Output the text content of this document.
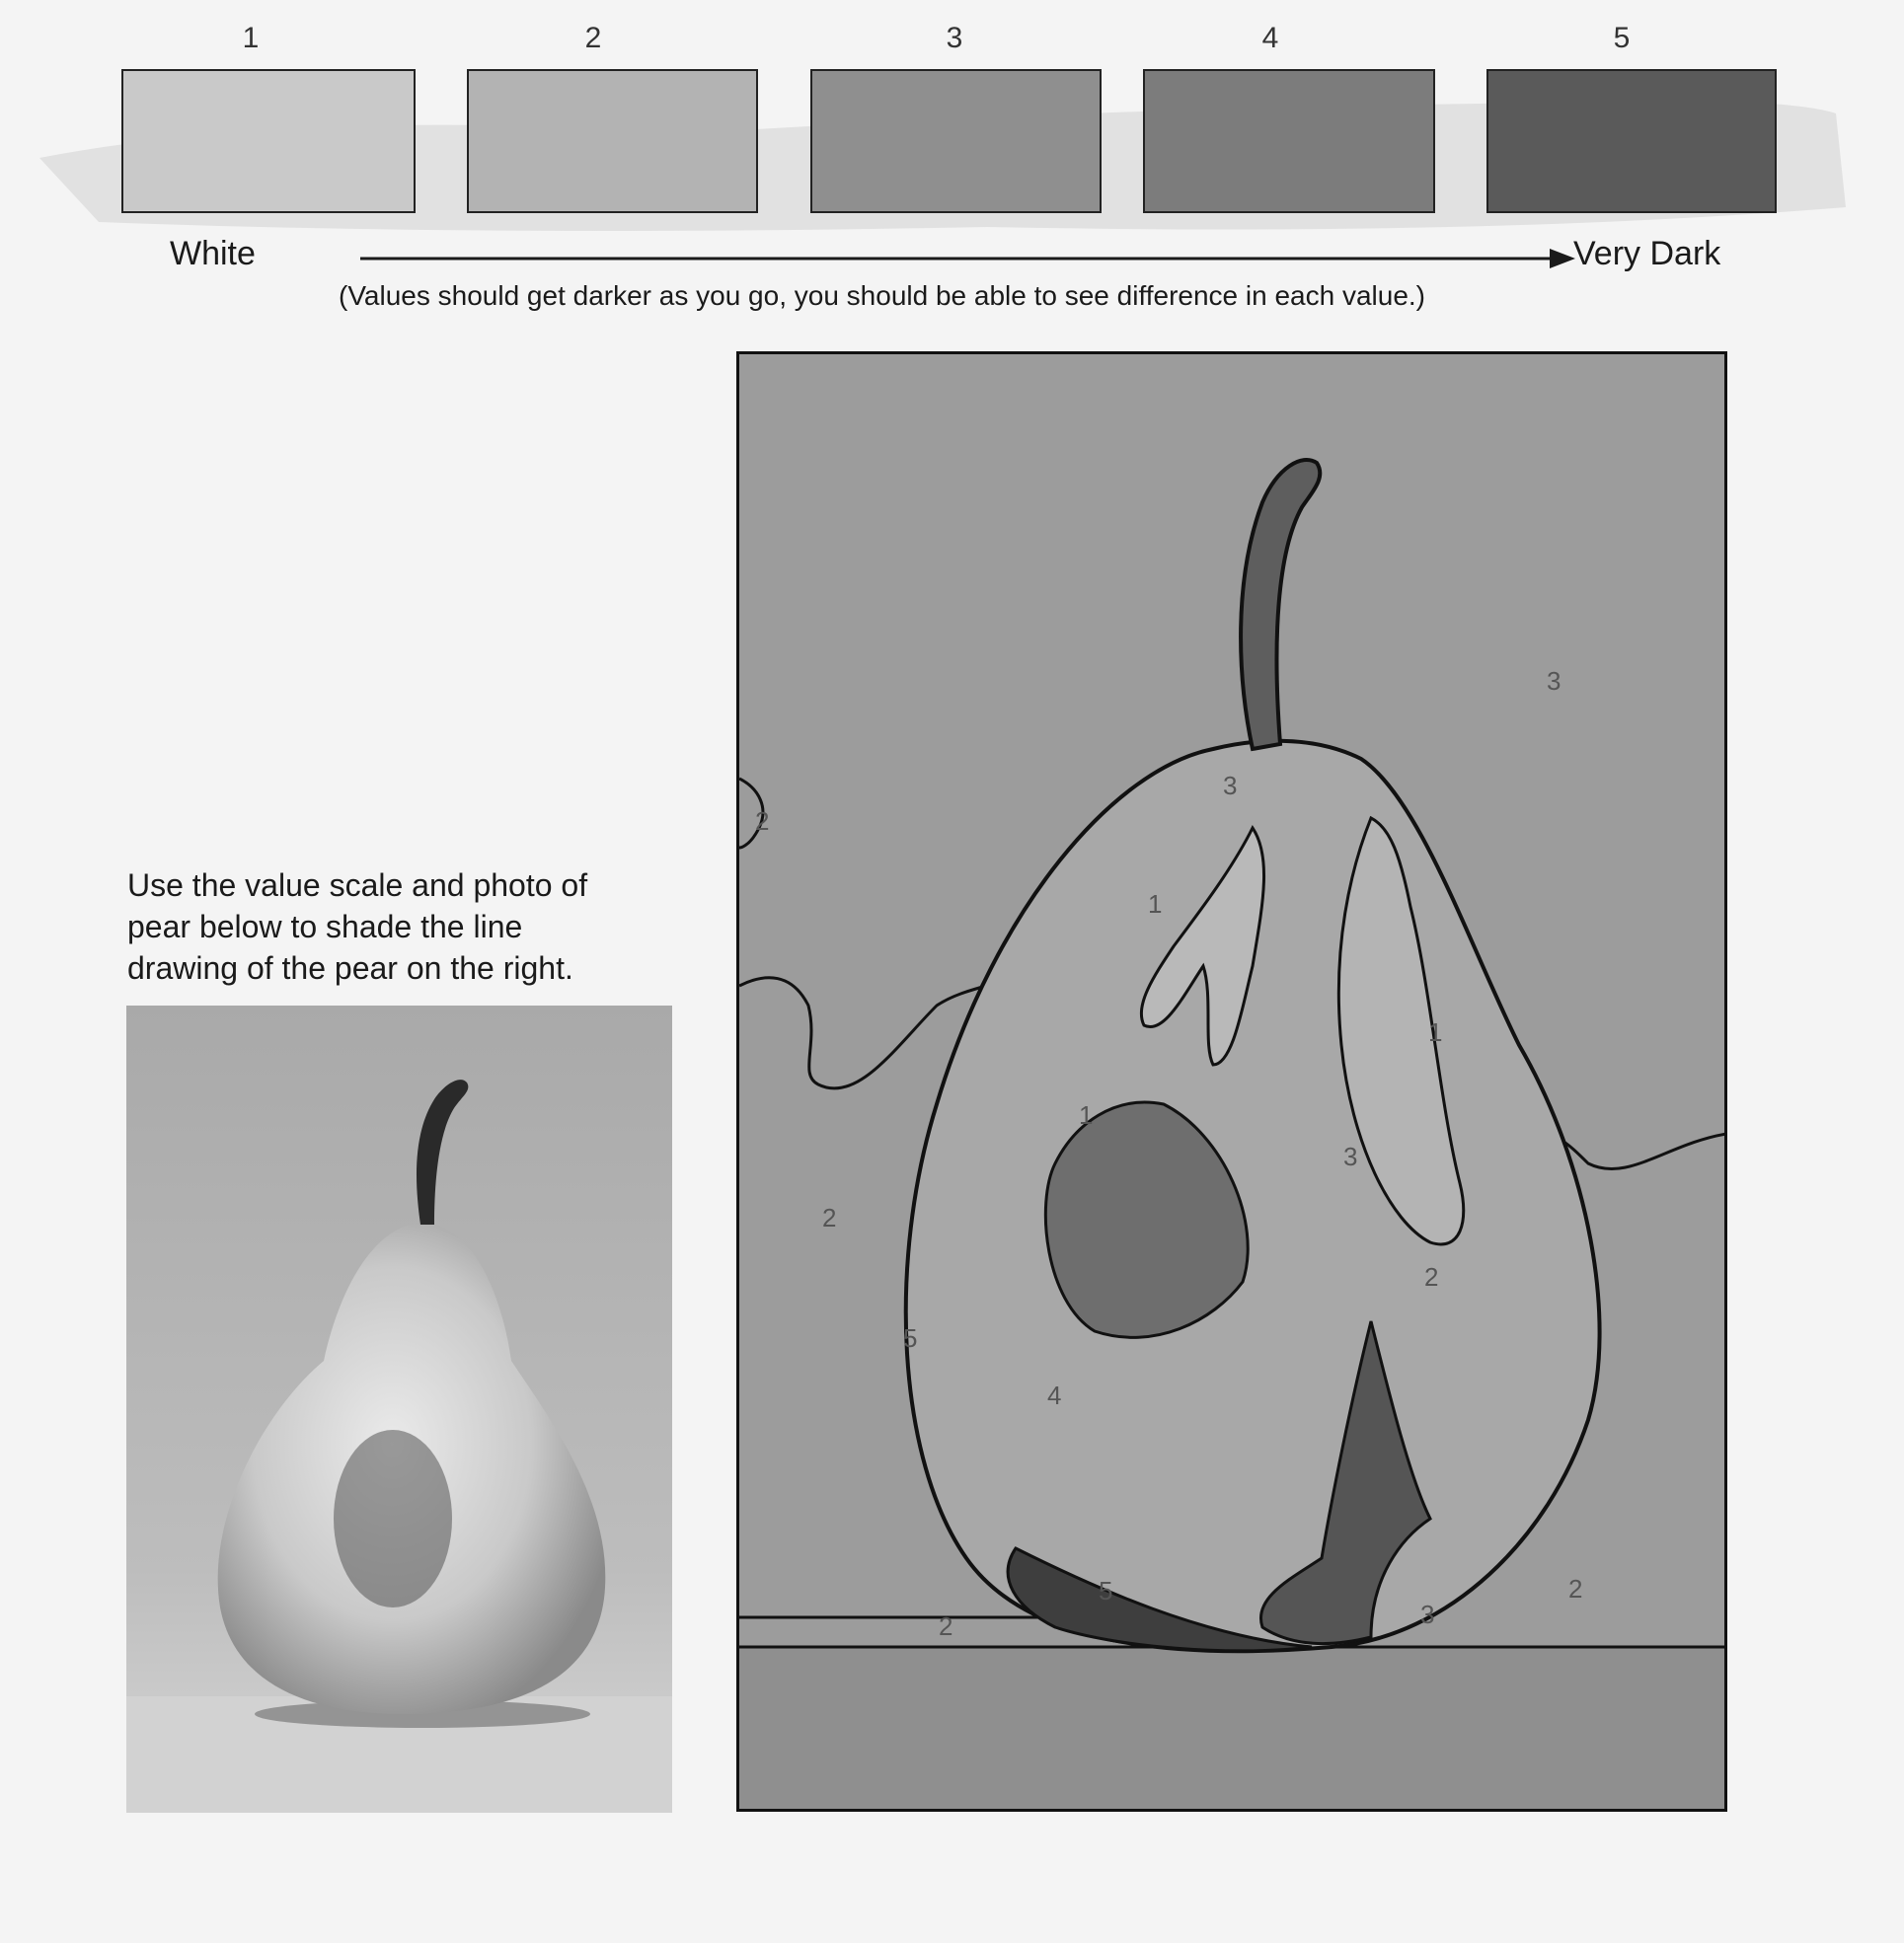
1	2	3	4	5
White	Very Dark
(Values should get darker as you go, you should be able to see difference in each value.)
Use the value scale and photo of
pear below to shade the line
drawing of the pear on the right.
2
3
3
1
1
1
3
2
2
5
4
5
2
2
3
